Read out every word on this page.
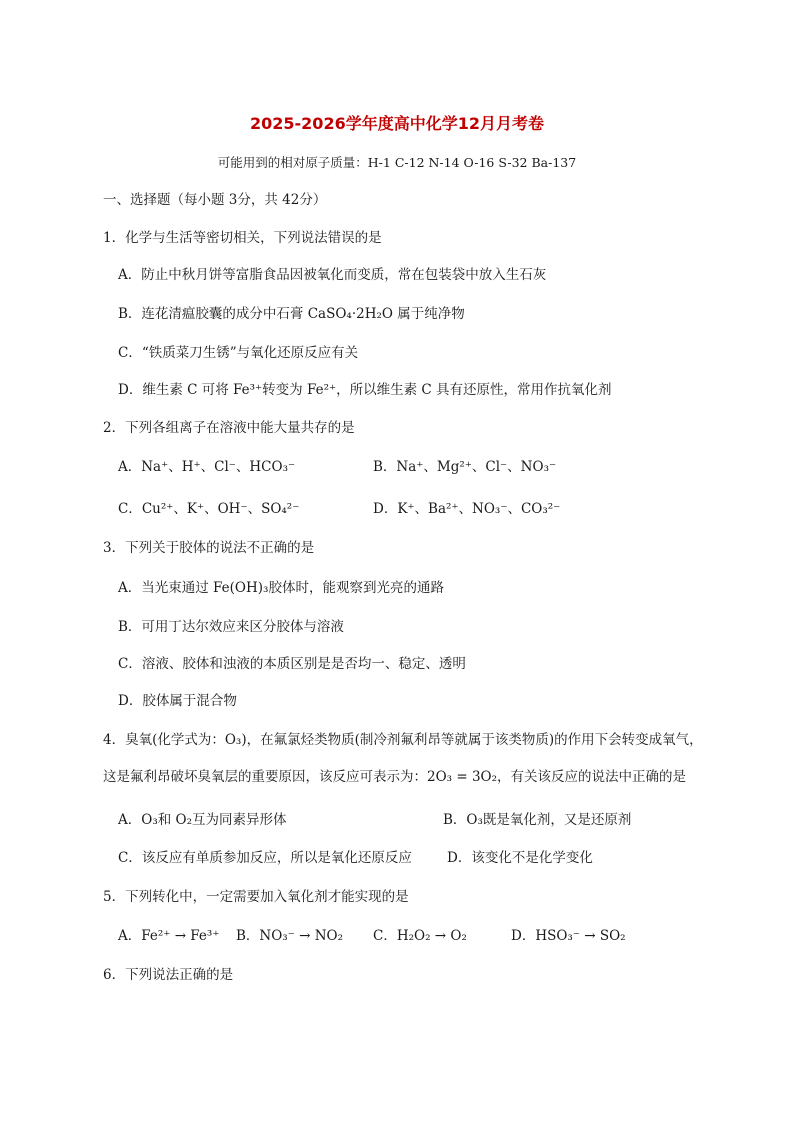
2025-2026学年度高中化学12月月考卷
可能用到的相对原子质量：H-1 C-12 N-14 O-16 S-32 Ba-137
一、选择题（每小题 3分，共 42分）
1．化学与生活等密切相关，下列说法错误的是
A．防止中秋月饼等富脂食品因被氧化而变质，常在包装袋中放入生石灰
B．连花清瘟胶囊的成分中石膏 CaSO₄·2H₂O 属于纯净物
C．“铁质菜刀生锈”与氧化还原反应有关
D．维生素 C 可将 Fe³⁺转变为 Fe²⁺，所以维生素 C 具有还原性，常用作抗氧化剂
2．下列各组离子在溶液中能大量共存的是
A．Na⁺、H⁺、Cl⁻、HCO₃⁻	B．Na⁺、Mg²⁺、Cl⁻、NO₃⁻
C．Cu²⁺、K⁺、OH⁻、SO₄²⁻	D．K⁺、Ba²⁺、NO₃⁻、CO₃²⁻
3．下列关于胶体的说法不正确的是
A．当光束通过 Fe(OH)₃胶体时，能观察到光亮的通路
B．可用丁达尔效应来区分胶体与溶液
C．溶液、胶体和浊液的本质区别是是否均一、稳定、透明
D．胶体属于混合物
4．臭氧(化学式为：O₃)，在氟氯烃类物质(制冷剂氟利昂等就属于该类物质)的作用下会转变成氧气，
这是氟利昂破坏臭氧层的重要原因，该反应可表示为：2O₃ = 3O₂，有关该反应的说法中正确的是
A．O₃和 O₂互为同素异形体	B．O₃既是氧化剂，又是还原剂
C．该反应有单质参加反应，所以是氧化还原反应	D．该变化不是化学变化
5．下列转化中，一定需要加入氧化剂才能实现的是
A．Fe²⁺ → Fe³⁺ B．NO₃⁻ → NO₂ C．H₂O₂ → O₂	D．HSO₃⁻ → SO₂
6．下列说法正确的是
